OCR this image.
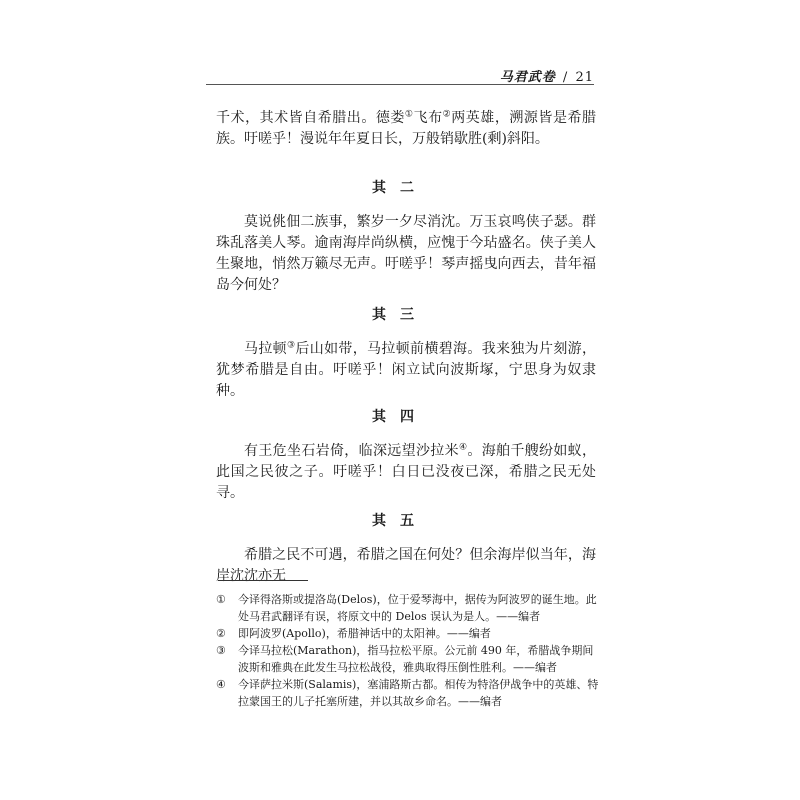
马君武卷 / 21
千术，其术皆自希腊出。德娄①飞布②两英雄，溯源皆是希腊族。吁嗟乎！漫说年年夏日长，万般销歇胜(剩)斜阳。
其二
莫说佻佃二族事，繁岁一夕尽消沈。万玉哀鸣侠子瑟。群珠乱落美人琴。逾南海岸尚纵横，应愧于今玷盛名。侠子美人生聚地，悄然万籁尽无声。吁嗟乎！琴声摇曳向西去，昔年福岛今何处？
其三
马拉顿③后山如带，马拉顿前横碧海。我来独为片刻游，犹梦希腊是自由。吁嗟乎！闲立试向波斯塚，宁思身为奴隶种。
其四
有王危坐石岩倚，临深远望沙拉米④。海舶千艘纷如蚁，此国之民彼之子。吁嗟乎！白日已没夜已深，希腊之民无处寻。
其五
希腊之民不可遇，希腊之国在何处？但余海岸似当年，海岸沈沈亦无
①	今译得洛斯或提洛岛(Delos)，位于爱琴海中，据传为阿波罗的诞生地。此处马君武翻译有误，将原文中的 Delos 误认为是人。——编者
②	即阿波罗(Apollo)，希腊神话中的太阳神。——编者
③	今译马拉松(Marathon)，指马拉松平原。公元前 490 年，希腊战争期间波斯和雅典在此发生马拉松战役，雅典取得压倒性胜利。——编者
④	今译萨拉米斯(Salamis)，塞浦路斯古都。相传为特洛伊战争中的英雄、特拉蒙国王的儿子托塞所建，并以其故乡命名。——编者
